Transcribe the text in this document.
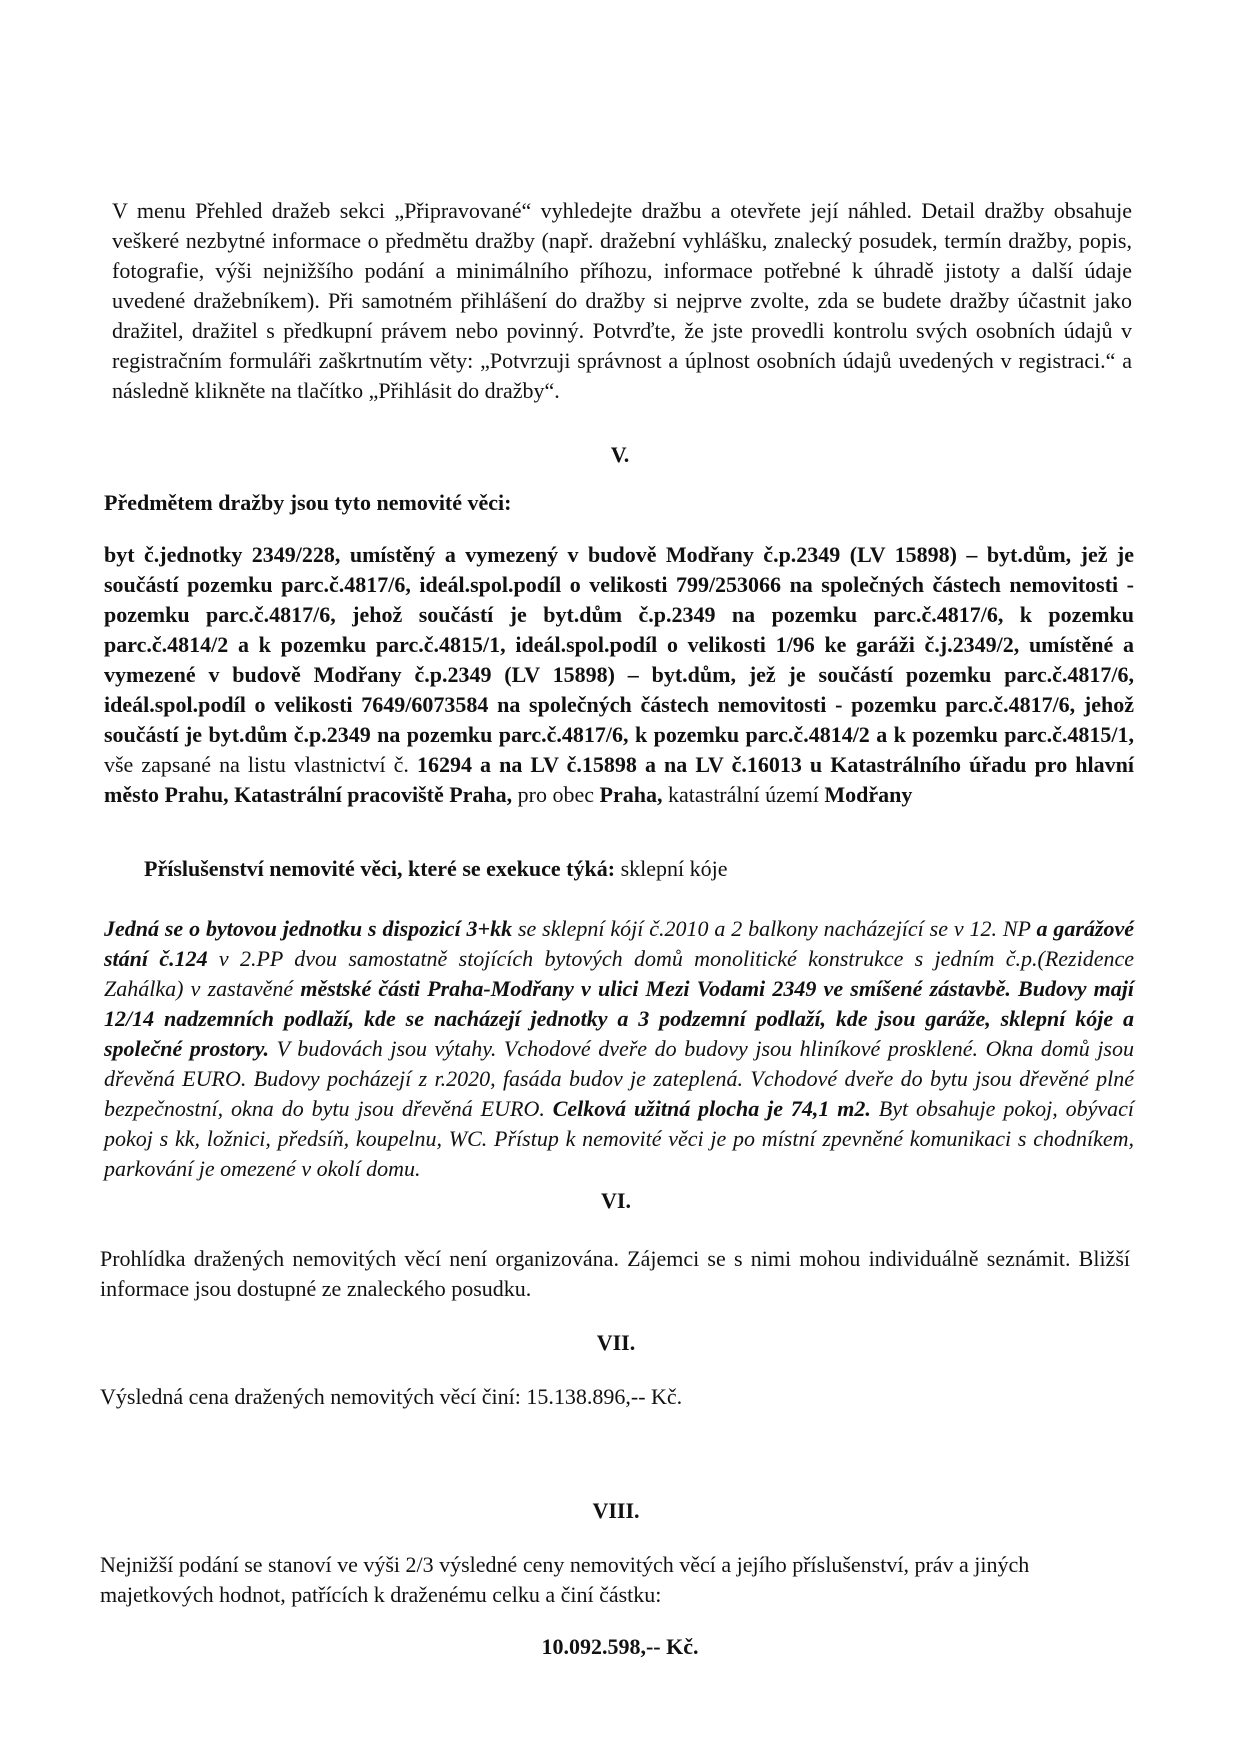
V menu Přehled dražeb sekci „Připravované“ vyhledejte dražbu a otevřete její náhled. Detail dražby obsahuje veškeré nezbytné informace o předmětu dražby (např. dražební vyhlášku, znalecký posudek, termín dražby, popis, fotografie, výši nejnižšího podání a minimálního příhozu, informace potřebné k úhradě jistoty a další údaje uvedené dražebníkem). Při samotném přihlášení do dražby si nejprve zvolte, zda se budete dražby účastnit jako dražitel, dražitel s předkupní právem nebo povinný. Potvrďte, že jste provedli kontrolu svých osobních údajů v registračním formuláři zaškrtnutím věty: „Potvrzuji správnost a úplnost osobních údajů uvedených v registraci.“ a následně klikněte na tlačítko „Přihlásit do dražby“.
V.
Předmětem dražby jsou tyto nemovité věci:
byt č.jednotky 2349/228, umístěný a vymezený v budově Modřany č.p.2349 (LV 15898) – byt.dům, jež je součástí pozemku parc.č.4817/6, ideál.spol.podíl o velikosti 799/253066 na společných částech nemovitosti - pozemku parc.č.4817/6, jehož součástí je byt.dům č.p.2349 na pozemku parc.č.4817/6, k pozemku parc.č.4814/2 a k pozemku parc.č.4815/1, ideál.spol.podíl o velikosti 1/96 ke garáži č.j.2349/2, umístěné a vymezené v budově Modřany č.p.2349 (LV 15898) – byt.dům, jež je součástí pozemku parc.č.4817/6, ideál.spol.podíl o velikosti 7649/6073584 na společných částech nemovitosti - pozemku parc.č.4817/6, jehož součástí je byt.dům č.p.2349 na pozemku parc.č.4817/6, k pozemku parc.č.4814/2 a k pozemku parc.č.4815/1, vše zapsané na listu vlastnictví č. 16294 a na LV č.15898 a na LV č.16013 u Katastrálního úřadu pro hlavní město Prahu, Katastrální pracoviště Praha, pro obec Praha, katastrální území Modřany
Příslušenství nemovité věci, které se exekuce týká: sklepní kóje
Jedná se o bytovou jednotku s dispozicí 3+kk se sklepní kójí č.2010 a 2 balkony nacházející se v 12. NP a garážové stání č.124 v 2.PP dvou samostatně stojících bytových domů monolitické konstrukce s jedním č.p.(Rezidence Zahálka) v zastavěné městské části Praha-Modřany v ulici Mezi Vodami 2349 ve smíšené zástavbě. Budovy mají 12/14 nadzemních podlaží, kde se nacházejí jednotky a 3 podzemní podlaží, kde jsou garáže, sklepní kóje a společné prostory. V budovách jsou výtahy. Vchodové dveře do budovy jsou hliníkové prosklené. Okna domů jsou dřevěná EURO. Budovy pocházejí z r.2020, fasáda budov je zateplená. Vchodové dveře do bytu jsou dřevěné plné bezpečnostní, okna do bytu jsou dřevěná EURO. Celková užitná plocha je 74,1 m2. Byt obsahuje pokoj, obývací pokoj s kk, ložnici, předsíň, koupelnu, WC. Přístup k nemovité věci je po místní zpevněné komunikaci s chodníkem, parkování je omezené v okolí domu.
VI.
Prohlídka dražených nemovitých věcí není organizována. Zájemci se s nimi mohou individuálně seznámit. Bližší informace jsou dostupné ze znaleckého posudku.
VII.
Výsledná cena dražených nemovitých věcí činí: 15.138.896,-- Kč.
VIII.
Nejnižší podání se stanoví ve výši 2/3 výsledné ceny nemovitých věcí a jejího příslušenství, práv a jiných majetkových hodnot, patřících k draženému celku a činí částku:
10.092.598,-- Kč.
